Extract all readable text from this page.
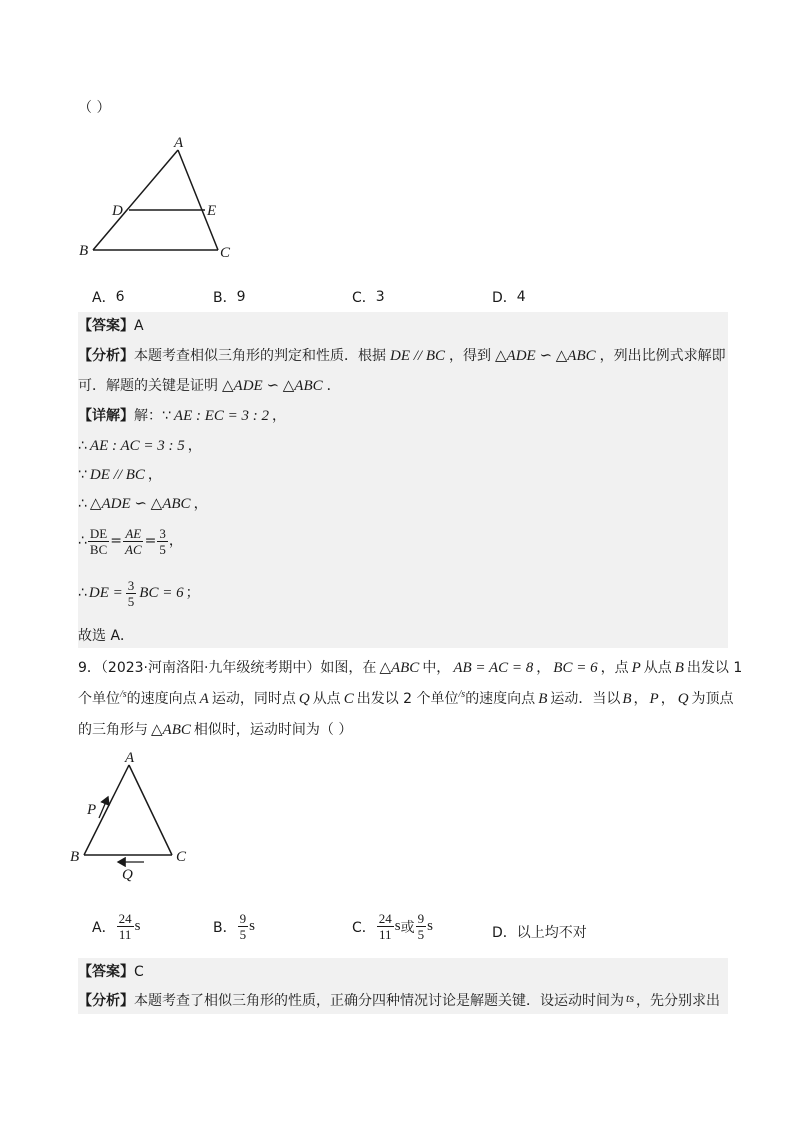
（ ）
A
D	E
B	C
A． 6	B． 9	C． 3	D． 4
【答案】 A
【分析】 本题考查相似三角形的判定和性质．根据 DE // BC ，得到 △ADE ∽ △ABC ，列出比例式求解即
可．解题的关键是证明 △ADE ∽ △ABC ．
【详解】 解：∵ AE : EC = 3 : 2 ，
∴ AE : AC = 3 : 5 ，
∵ DE // BC ，
∴ △ADE ∽ △ABC ，
∴ $\frac{DE}{BC} = \frac{AE}{AC} = \frac{3}{5}$ ，
∴ DE = $\frac{3}{5}$ BC = 6 ；
故选 A．
9．（2023·河南洛阳·九年级统考期中）如图，在 △ABC 中， AB = AC = 8 ， BC = 6 ，点 P 从点 B 出发以 1
个单位 /s 的速度向点 A 运动，同时点 Q 从点 C 出发以 2 个单位 /s 的速度向点 B 运动．当以 B ， P ， Q 为顶点
的三角形与 △ABC 相似时，运动时间为（ ）
A
P
B	C
Q
A． $\frac{24}{11}$ s	B． $\frac{9}{5}$ s	C． $\frac{24}{11}$ s 或 $\frac{9}{5}$ s	D． 以上均不对
【答案】 C
【分析】 本题考查了相似三角形的性质，正确分四种情况讨论是解题关键．设运动时间为 ts ，先分别求出
